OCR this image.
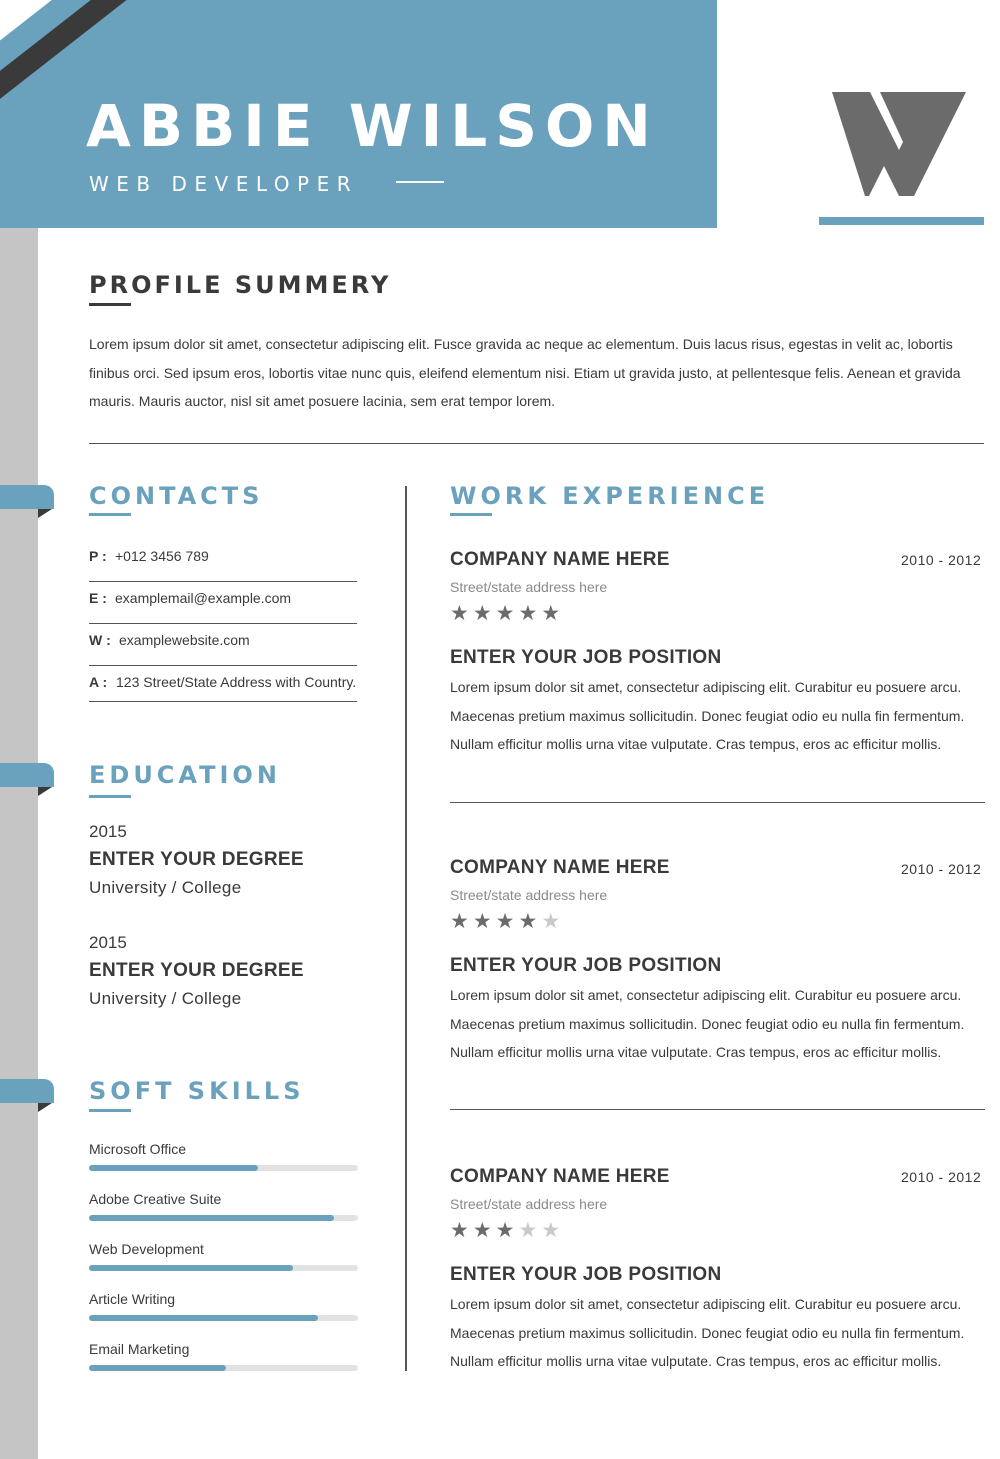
ABBIE WILSON
WEB DEVELOPER
PROFILE SUMMERY
Lorem ipsum dolor sit amet, consectetur adipiscing elit. Fusce gravida ac neque ac elementum. Duis lacus risus, egestas in velit ac, lobortis finibus orci. Sed ipsum eros, lobortis vitae nunc quis, eleifend elementum nisi. Etiam ut gravida justo, at pellentesque felis. Aenean et gravida mauris. Mauris auctor, nisl sit amet posuere lacinia, sem erat tempor lorem.
CONTACTS
P : +012 3456 789
E : examplemail@example.com
W : examplewebsite.com
A : 123 Street/State Address with Country.
EDUCATION
2015
ENTER YOUR DEGREE
University / College
2015
ENTER YOUR DEGREE
University / College
SOFT SKILLS
Microsoft Office
Adobe Creative Suite
Web Development
Article Writing
Email Marketing
WORK EXPERIENCE
COMPANY NAME HERE	2010 - 2012
Street/state address here
★★★★★
ENTER YOUR JOB POSITION
Lorem ipsum dolor sit amet, consectetur adipiscing elit. Curabitur eu posuere arcu. Maecenas pretium maximus sollicitudin. Donec feugiat odio eu nulla fin fermentum. Nullam efficitur mollis urna vitae vulputate. Cras tempus, eros ac efficitur mollis.
COMPANY NAME HERE	2010 - 2012
Street/state address here
★★★★★
ENTER YOUR JOB POSITION
Lorem ipsum dolor sit amet, consectetur adipiscing elit. Curabitur eu posuere arcu. Maecenas pretium maximus sollicitudin. Donec feugiat odio eu nulla fin fermentum. Nullam efficitur mollis urna vitae vulputate. Cras tempus, eros ac efficitur mollis.
COMPANY NAME HERE	2010 - 2012
Street/state address here
★★★★★
ENTER YOUR JOB POSITION
Lorem ipsum dolor sit amet, consectetur adipiscing elit. Curabitur eu posuere arcu. Maecenas pretium maximus sollicitudin. Donec feugiat odio eu nulla fin fermentum. Nullam efficitur mollis urna vitae vulputate. Cras tempus, eros ac efficitur mollis.
